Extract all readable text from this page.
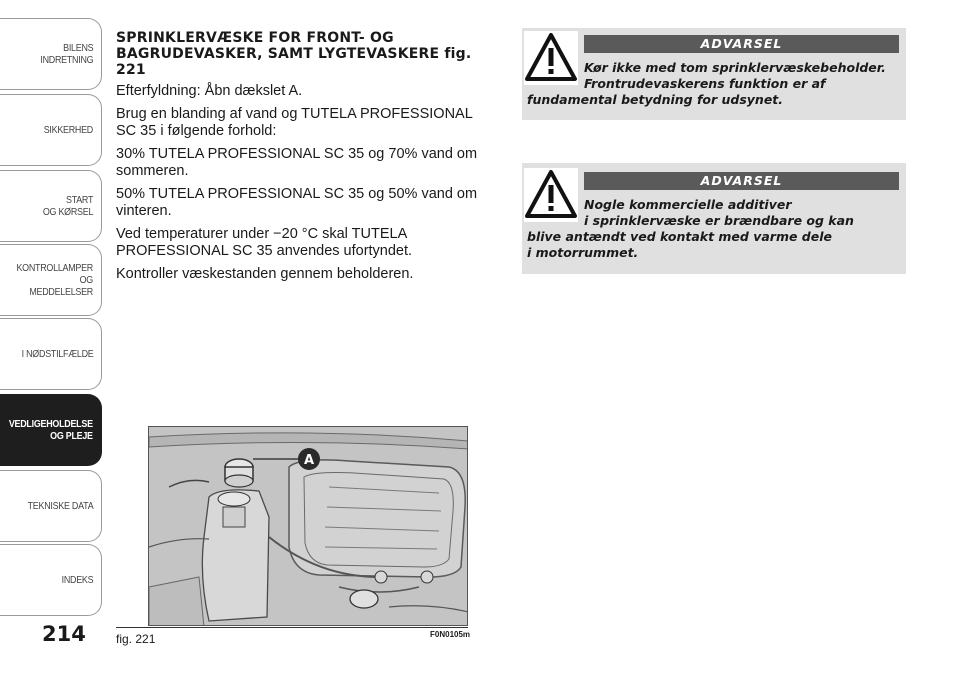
BILENS
INDRETNING
SIKKERHED
START
OG KØRSEL
KONTROLLAMPER
OG MEDDELELSER
I NØDSTILFÆLDE
VEDLIGEHOLDELSE
OG PLEJE
TEKNISKE DATA
INDEKS
214
SPRINKLERVÆSKE FOR FRONT- OG BAGRUDEVASKER, SAMT LYGTEVASKERE fig. 221

Efterfyldning: Åbn dækslet A.

Brug en blanding af vand og TUTELA PROFESSIONAL SC 35 i følgende forhold:

30% TUTELA PROFESSIONAL SC 35 og 70% vand om sommeren.

50% TUTELA PROFESSIONAL SC 35 og 50% vand om vinteren.

Ved temperaturer under −20 °C skal TUTELA PROFESSIONAL SC 35 anvendes ufortyndet.

Kontroller væskestanden gennem beholderen.

A
fig. 221	F0N0105m
ADVARSEL
Kør ikke med tom sprinklervæskebeholder.
Frontrudevaskerens funktion er af
fundamental betydning for udsynet.
ADVARSEL
Nogle kommercielle additiver
i sprinklervæske er brændbare og kan
blive antændt ved kontakt med varme dele
i motorrummet.
